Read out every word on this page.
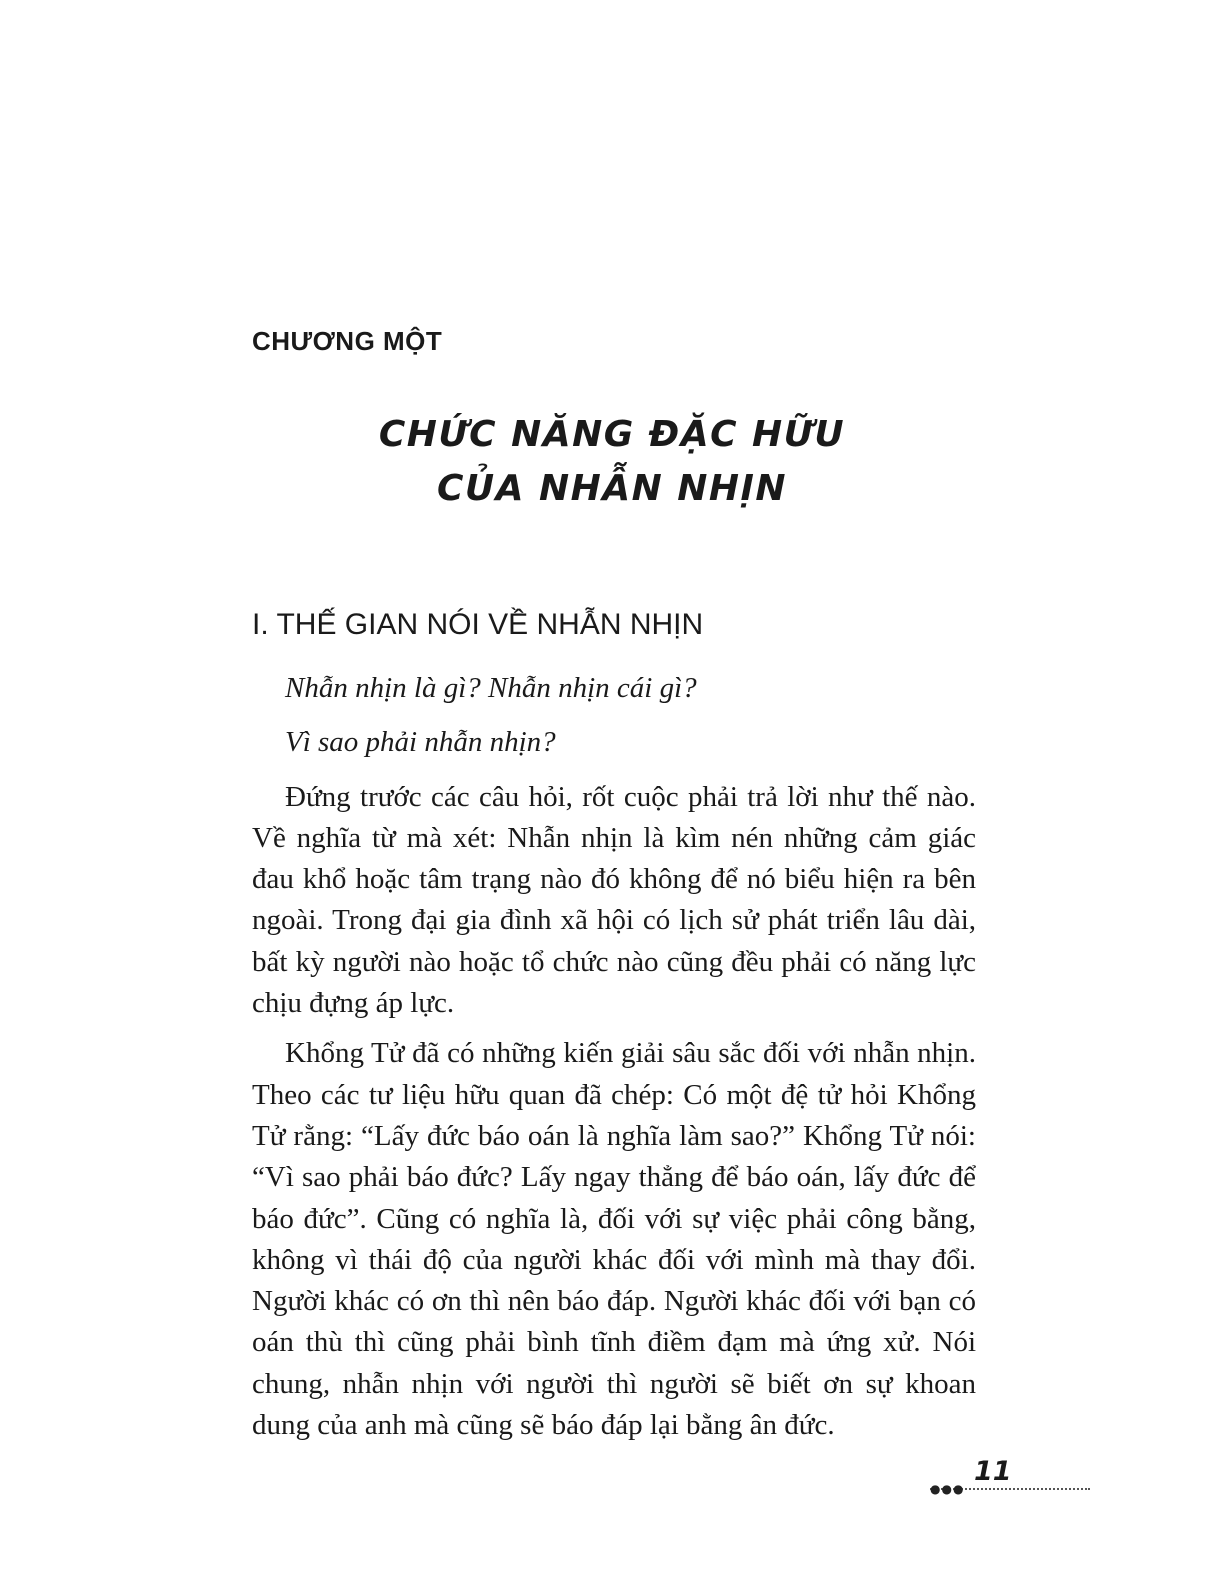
CHƯƠNG MỘT
CHỨC NĂNG ĐẶC HỮU
CỦA NHẪN NHỊN
I. THẾ GIAN NÓI VỀ NHẪN NHỊN

Nhẫn nhịn là gì? Nhẫn nhịn cái gì?

Vì sao phải nhẫn nhịn?

Đứng trước các câu hỏi, rốt cuộc phải trả lời như thế nào. Về nghĩa từ mà xét: Nhẫn nhịn là kìm nén những cảm giác đau khổ hoặc tâm trạng nào đó không để nó biểu hiện ra bên ngoài. Trong đại gia đình xã hội có lịch sử phát triển lâu dài, bất kỳ người nào hoặc tổ chức nào cũng đều phải có năng lực chịu đựng áp lực.

Khổng Tử đã có những kiến giải sâu sắc đối với nhẫn nhịn. Theo các tư liệu hữu quan đã chép: Có một đệ tử hỏi Khổng Tử rằng: “Lấy đức báo oán là nghĩa làm sao?” Khổng Tử nói: “Vì sao phải báo đức? Lấy ngay thẳng để báo oán, lấy đức để báo đức”. Cũng có nghĩa là, đối với sự việc phải công bằng, không vì thái độ của người khác đối với mình mà thay đổi. Người khác có ơn thì nên báo đáp. Người khác đối với bạn có oán thù thì cũng phải bình tĩnh điềm đạm mà ứng xử. Nói chung, nhẫn nhịn với người thì người sẽ biết ơn sự khoan dung của anh mà cũng sẽ báo đáp lại bằng ân đức.

●●●
11
